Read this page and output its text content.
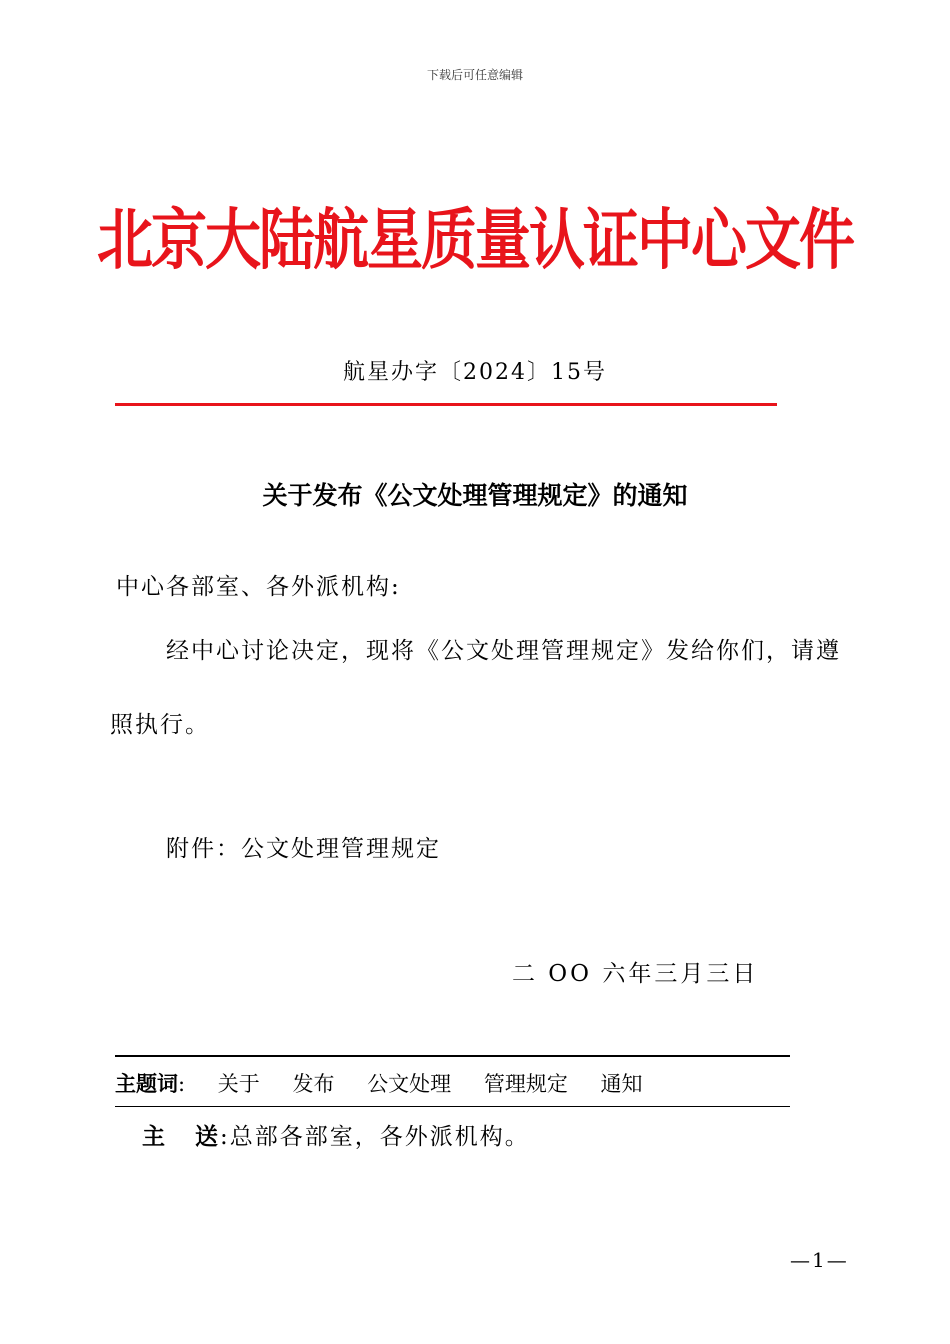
下载后可任意编辑
北京大陆航星质量认证中心文件
航星办字〔2024〕15号
关于发布《公文处理管理规定》的通知
中心各部室、各外派机构:
经中心讨论决定，现将《公文处理管理规定》发给你们，请遵
照执行。
附件：公文处理管理规定
二 OO 六年三月三日
主题词: 关于 发布 公文处理 管理规定 通知
主 送:总部各部室，各外派机构。
—1—
